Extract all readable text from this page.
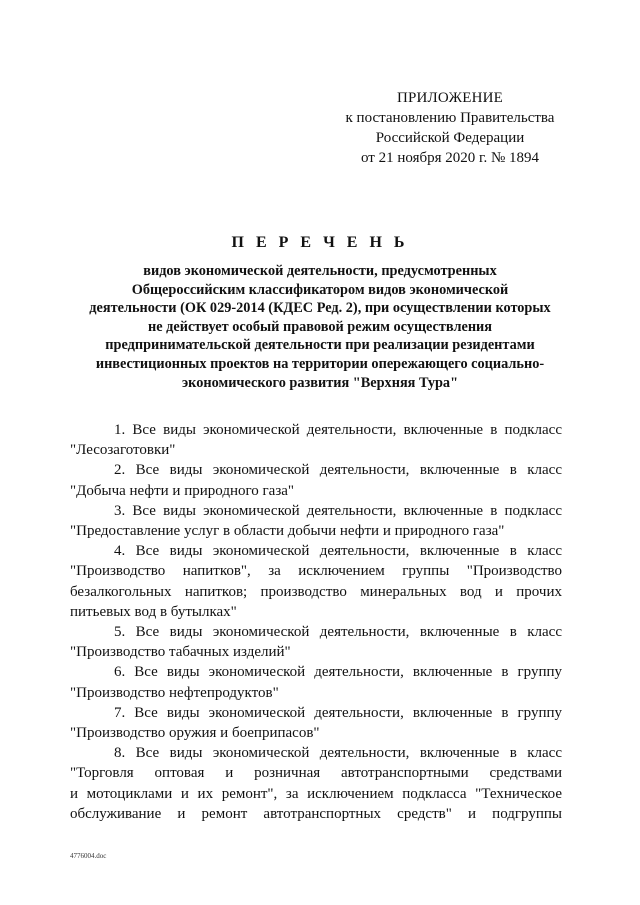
ПРИЛОЖЕНИЕ
к постановлению Правительства
Российской Федерации
от 21 ноября 2020 г. № 1894
П Е Р Е Ч Е Н Ь
видов экономической деятельности, предусмотренных
Общероссийским классификатором видов экономической
деятельности (ОК 029-2014 (КДЕС Ред. 2), при осуществлении которых
не действует особый правовой режим осуществления
предпринимательской деятельности при реализации резидентами
инвестиционных проектов на территории опережающего социально-
экономического развития "Верхняя Тура"

1. Все виды экономической деятельности, включенные в подкласс
"Лесозаготовки"

2. Все виды экономической деятельности, включенные в класс
"Добыча нефти и природного газа"

3. Все виды экономической деятельности, включенные в подкласс
"Предоставление услуг в области добычи нефти и природного газа"

4. Все виды экономической деятельности, включенные в класс
"Производство напитков", за исключением группы "Производство
безалкогольных напитков; производство минеральных вод и прочих
питьевых вод в бутылках"

5. Все виды экономической деятельности, включенные в класс
"Производство табачных изделий"

6. Все виды экономической деятельности, включенные в группу
"Производство нефтепродуктов"

7. Все виды экономической деятельности, включенные в группу
"Производство оружия и боеприпасов"

8. Все виды экономической деятельности, включенные в класс
"Торговля оптовая и розничная автотранспортными средствами
и мотоциклами и их ремонт", за исключением подкласса "Техническое
обслуживание и ремонт автотранспортных средств" и подгруппы

4776004.doc
